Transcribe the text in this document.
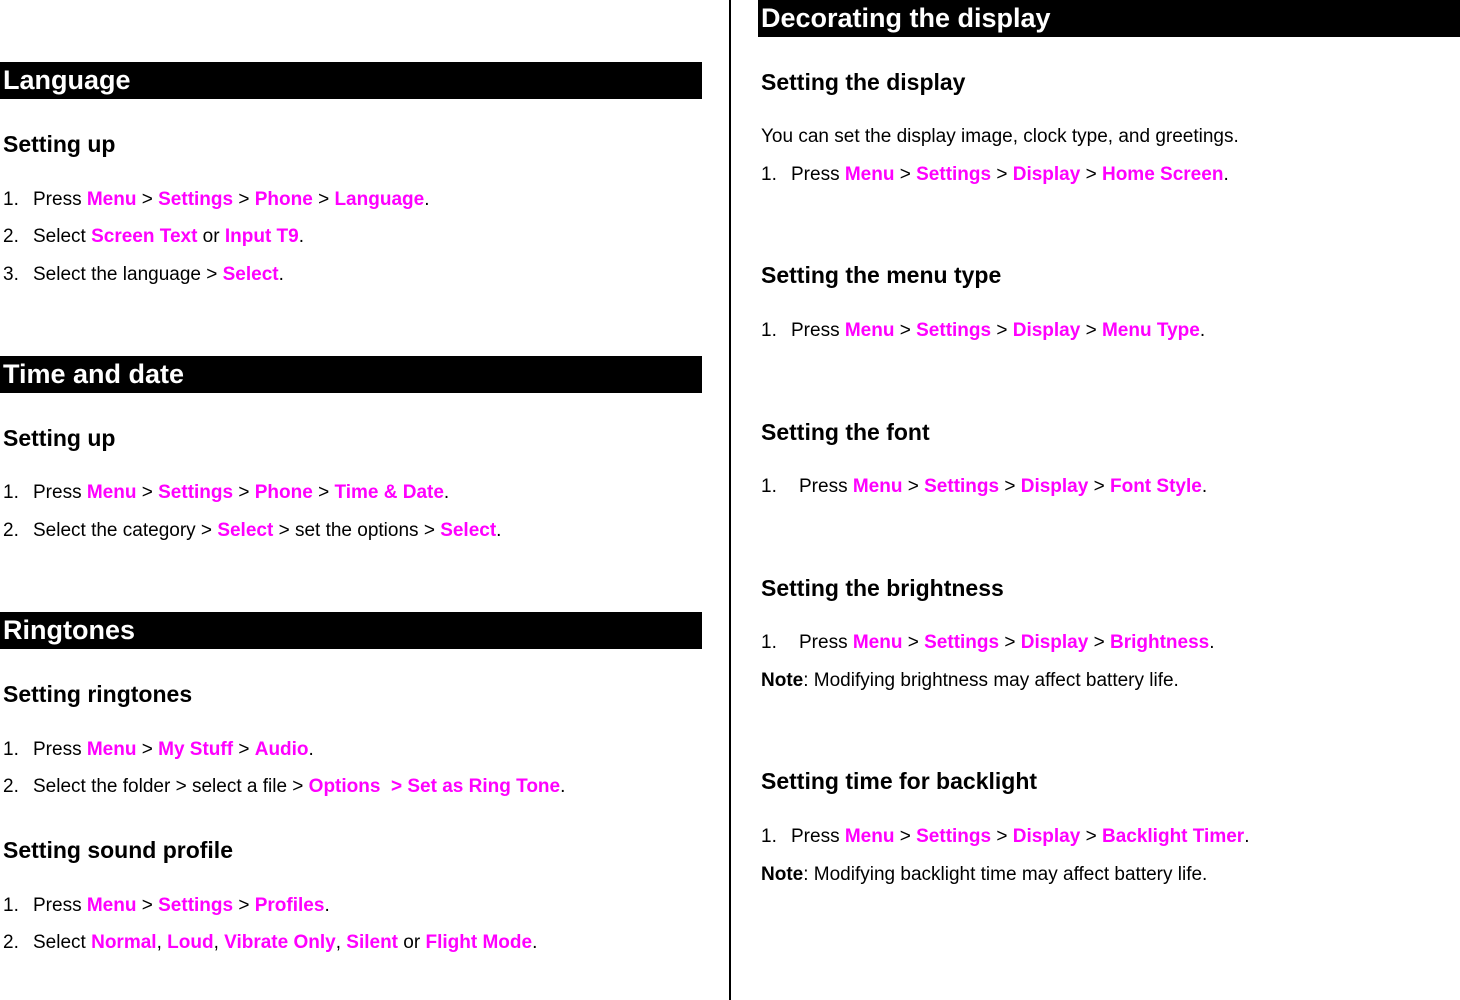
Language
Setting up
1. Press Menu > Settings > Phone > Language.
2. Select Screen Text or Input T9.
3. Select the language > Select.
Time and date
Setting up
1. Press Menu > Settings > Phone > Time & Date.
2. Select the category > Select > set the options > Select.
Ringtones
Setting ringtones
1. Press Menu > My Stuff > Audio.
2. Select the folder > select a file > Options  > Set as Ring Tone.
Setting sound profile
1. Press Menu > Settings > Profiles.
2. Select Normal, Loud, Vibrate Only, Silent or Flight Mode.
Decorating the display
Setting the display
You can set the display image, clock type, and greetings.
1. Press Menu > Settings > Display > Home Screen.
Setting the menu type
1. Press Menu > Settings > Display > Menu Type.
Setting the font
1. Press Menu > Settings > Display > Font Style.
Setting the brightness
1. Press Menu > Settings > Display > Brightness.
Note: Modifying brightness may affect battery life.
Setting time for backlight
1. Press Menu > Settings > Display > Backlight Timer.
Note: Modifying backlight time may affect battery life.
